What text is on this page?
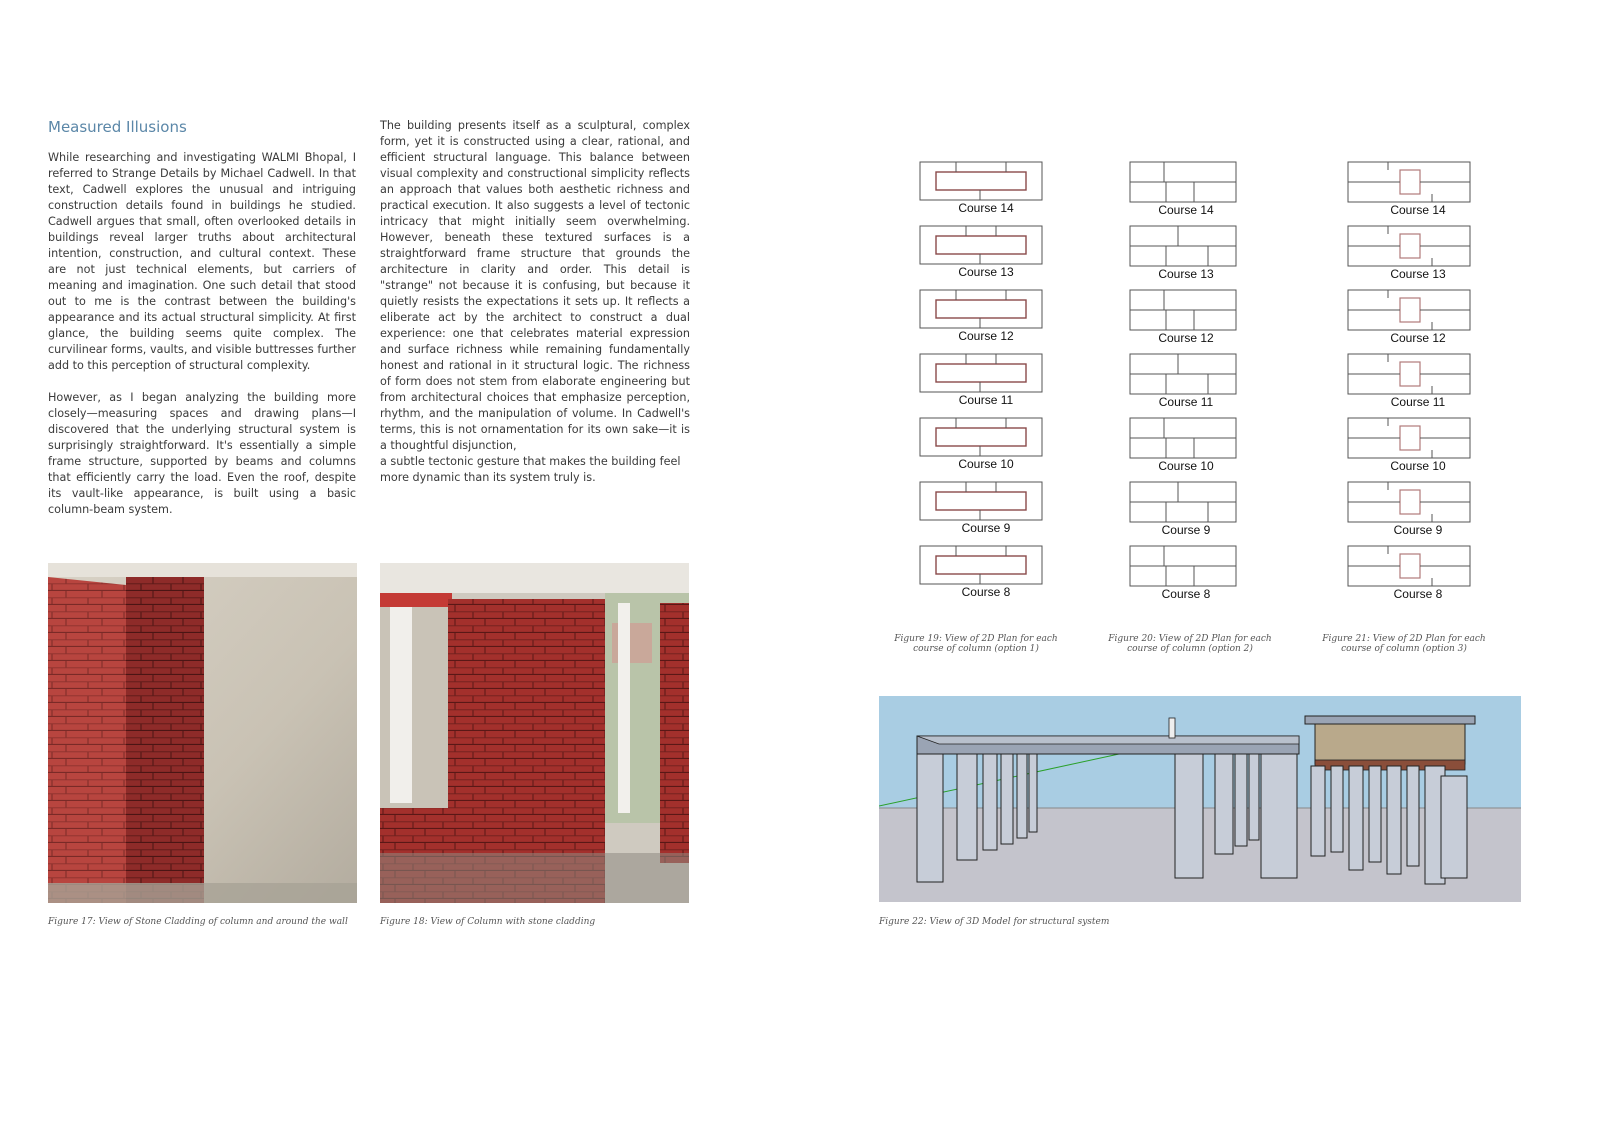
Measured Illusions

While researching and investigating WALMI Bhopal, I referred to Strange Details by Michael Cadwell. In that text, Cadwell explores the unusual and intriguing construction details found in buildings he studied. Cadwell argues that small, often overlooked details in buildings reveal larger truths about architectural intention, construction, and cultural context. These are not just technical elements, but carriers of meaning and imagination. One such detail that stood out to me is the contrast between the building's appearance and its actual structural simplicity. At first glance, the building seems quite complex. The curvilinear forms, vaults, and visible buttresses further add to this perception of structural complexity.

However, as I began analyzing the building more closely—measuring spaces and drawing plans—I discovered that the underlying structural system is surprisingly straightforward. It's essentially a simple frame structure, supported by beams and columns that efficiently carry the load. Even the roof, despite its vault-like appearance, is built using a basic column-beam system.

The building presents itself as a sculptural, complex form, yet it is constructed using a clear, rational, and efficient structural language. This balance between visual complexity and constructional simplicity reflects an approach that values both aesthetic richness and practical execution. It also suggests a level of tectonic intricacy that might initially seem overwhelming. However, beneath these textured surfaces is a straightforward frame structure that grounds the architecture in clarity and order. This detail is "strange" not because it is confusing, but because it quietly resists the expectations it sets up. It reflects a eliberate act by the architect to construct a dual experience: one that celebrates material expression and surface richness while remaining fundamentally honest and rational in it structural logic. The richness of form does not stem from elaborate engineering but from architectural choices that emphasize perception, rhythm, and the manipulation of volume. In Cadwell's terms, this is not ornamentation for its own sake—it is a thoughtful disjunction,

a subtle tectonic gesture that makes the building feel more dynamic than its system truly is.

Figure 17: View of Stone Cladding of column and around the wall	Figure 18: View of Column with stone cladding
Course 14
Course 13
Course 12
Course 11
Course 10
Course 9
Course 8
Course 14
Course 13
Course 12
Course 11
Course 10
Course 9
Course 8
Course 14
Course 13
Course 12
Course 11
Course 10
Course 9
Course 8
Figure 19: View of 2D Plan for each course of column (option 1)
Figure 20: View of 2D Plan for each course of column (option 2)
Figure 21: View of 2D Plan for each course of column (option 3)
Figure 22: View of 3D Model for structural system
